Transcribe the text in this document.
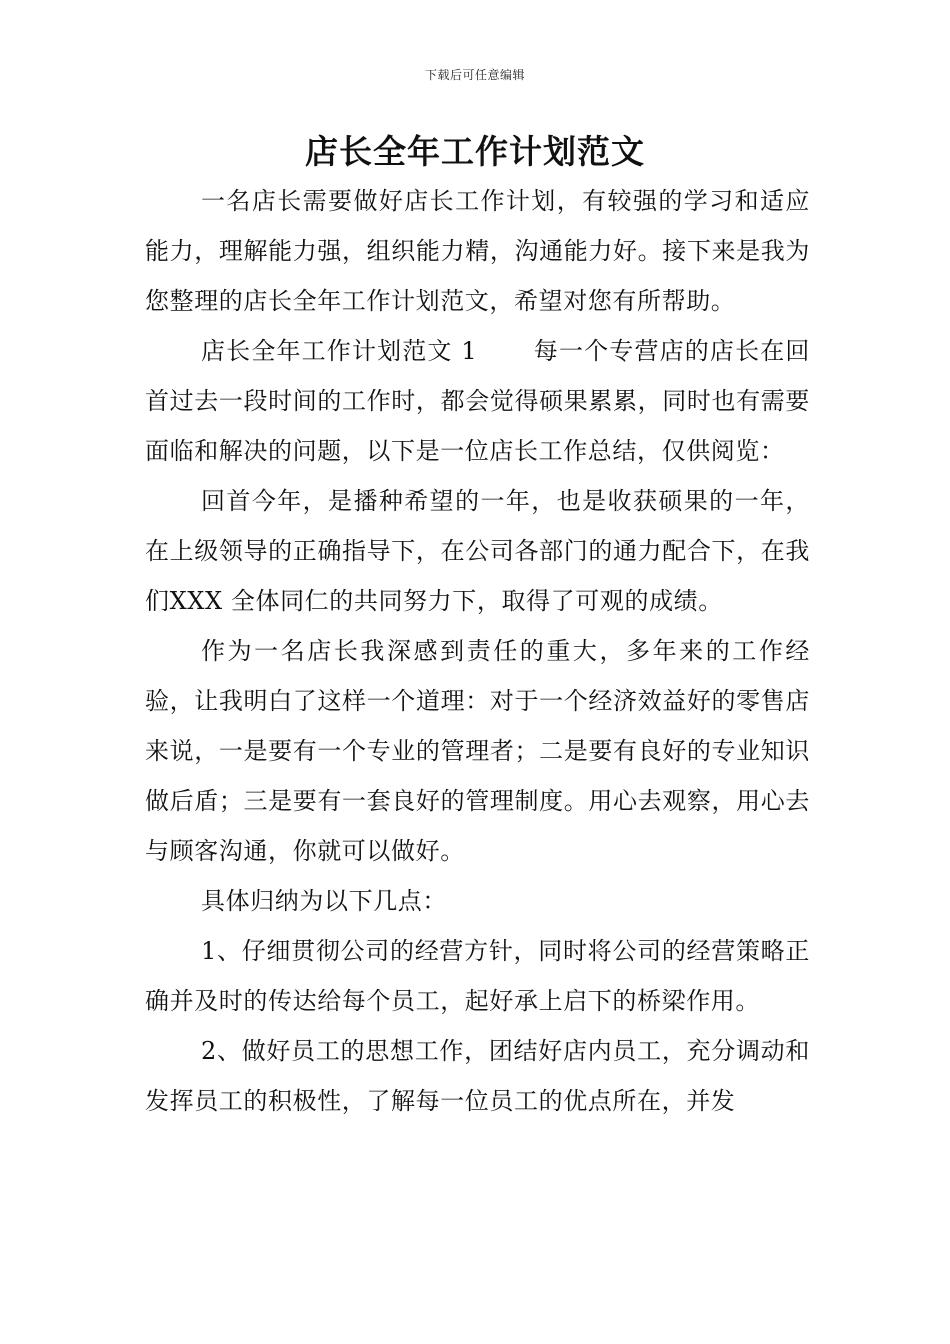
下载后可任意编辑
店长全年工作计划范文

一名店长需要做好店长工作计划，有较强的学习和适应能力，理解能力强，组织能力精，沟通能力好。接下来是我为您整理的店长全年工作计划范文，希望对您有所帮助。

店长全年工作计划范文 1 每一个专营店的店长在回首过去一段时间的工作时，都会觉得硕果累累，同时也有需要面临和解决的问题，以下是一位店长工作总结，仅供阅览：

回首今年，是播种希望的一年，也是收获硕果的一年，在上级领导的正确指导下，在公司各部门的通力配合下，在我们XXX 全体同仁的共同努力下，取得了可观的成绩。

作为一名店长我深感到责任的重大，多年来的工作经验，让我明白了这样一个道理：对于一个经济效益好的零售店来说，一是要有一个专业的管理者；二是要有良好的专业知识做后盾；三是要有一套良好的管理制度。用心去观察，用心去与顾客沟通，你就可以做好。

具体归纳为以下几点：

1、仔细贯彻公司的经营方针，同时将公司的经营策略正确并及时的传达给每个员工，起好承上启下的桥梁作用。

2、做好员工的思想工作，团结好店内员工，充分调动和发挥员工的积极性，了解每一位员工的优点所在，并发
